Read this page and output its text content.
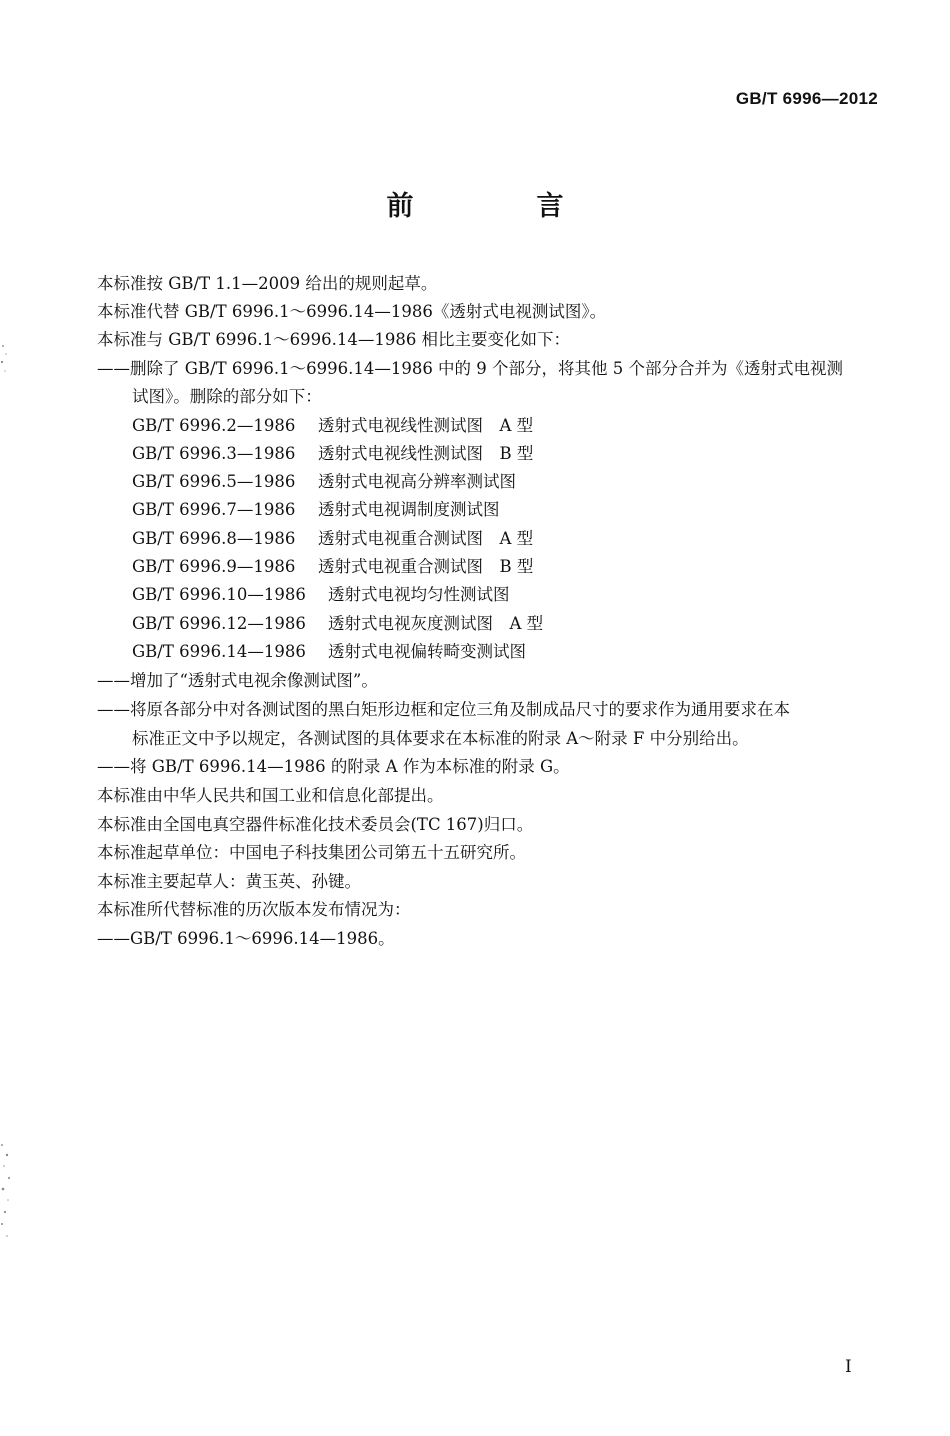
GB/T 6996—2012
前　言
本标准按 GB/T 1.1—2009 给出的规则起草。
本标准代替 GB/T 6996.1～6996.14—1986《透射式电视测试图》。
本标准与 GB/T 6996.1～6996.14—1986 相比主要变化如下：
——删除了 GB/T 6996.1～6996.14—1986 中的 9 个部分，将其他 5 个部分合并为《透射式电视测
试图》。删除的部分如下：
GB/T 6996.2—1986 透射式电视线性测试图　A 型
GB/T 6996.3—1986 透射式电视线性测试图　B 型
GB/T 6996.5—1986 透射式电视高分辨率测试图
GB/T 6996.7—1986 透射式电视调制度测试图
GB/T 6996.8—1986 透射式电视重合测试图　A 型
GB/T 6996.9—1986 透射式电视重合测试图　B 型
GB/T 6996.10—1986 透射式电视均匀性测试图
GB/T 6996.12—1986 透射式电视灰度测试图　A 型
GB/T 6996.14—1986 透射式电视偏转畸变测试图
——增加了“透射式电视余像测试图”。
——将原各部分中对各测试图的黑白矩形边框和定位三角及制成品尺寸的要求作为通用要求在本
标准正文中予以规定，各测试图的具体要求在本标准的附录 A～附录 F 中分别给出。
——将 GB/T 6996.14—1986 的附录 A 作为本标准的附录 G。
本标准由中华人民共和国工业和信息化部提出。
本标准由全国电真空器件标准化技术委员会(TC 167)归口。
本标准起草单位：中国电子科技集团公司第五十五研究所。
本标准主要起草人：黄玉英、孙键。
本标准所代替标准的历次版本发布情况为：
——GB/T 6996.1～6996.14—1986。
I
